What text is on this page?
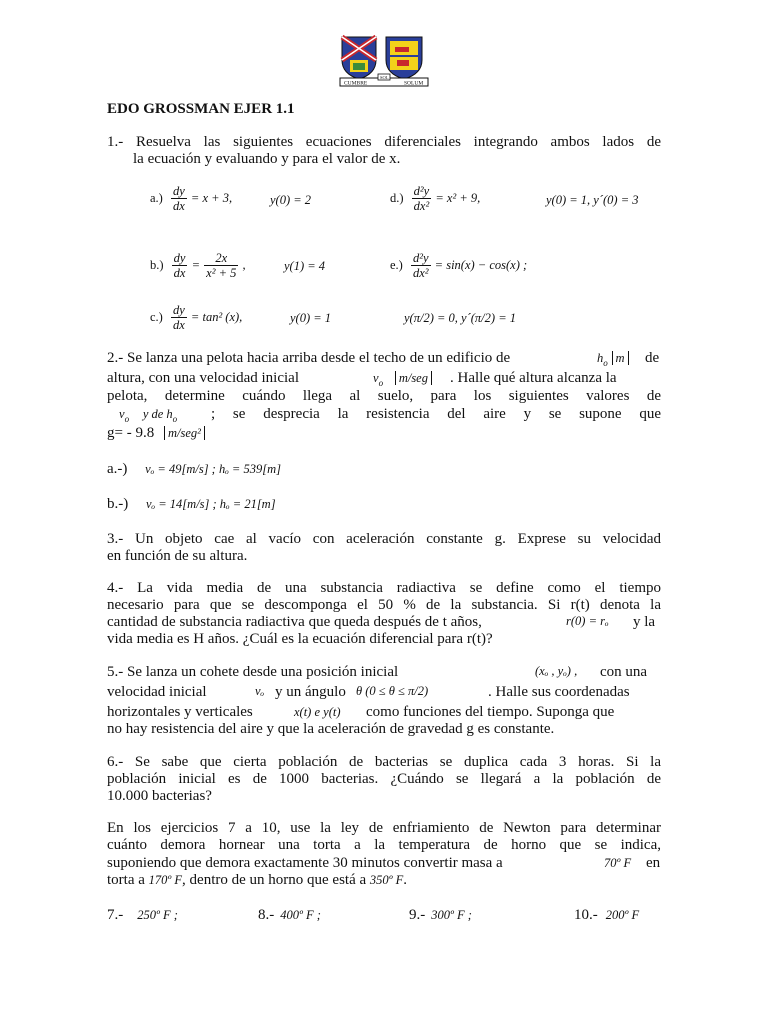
CUMBRE
SOL
SOLUM
EDO GROSSMAN EJER 1.1
1.- Resuelva las siguientes ecuaciones diferenciales integrando ambos lados de
la ecuación y evaluando y para el valor de x.
$a.) \frac{dy}{dx} = x + 3$,	y(0) = 2	$d.) \frac{\text{d²y}}{\text{dx²}} = x^2 + 9$,	y(0) = 1, y´(0) = 3
$b.) \frac{dy}{dx} = \frac{2x}{\text{x² + 5}}$ ,	y(1) = 4	$e.) \frac{\text{d²y}}{\text{dx²}} = \sin(x) - \cos(x)$ ;
$c.) \frac{dy}{dx} = \tan^2$ (x),	y(0) = 1	y(π/2) = 0, y´(π/2) = 1
2.- Se lanza una pelota hacia arriba desde el techo de un edificio de	$h_o$ m de
altura, con una velocidad inicial	$v_o$ m/seg . Halle qué altura alcanza la
pelota, determine cuándo llega al suelo, para los siguientes valores de
$v_o$ y de $h_o$ ; se desprecia la resistencia del aire y se supone que
g= - 9.8 m/seg²
a.-) vₒ = 49[m/s] ; hₒ = 539[m]
b.-) vₒ = 14[m/s] ; hₒ = 21[m]
3.- Un objeto cae al vacío con aceleración constante g. Exprese su velocidad
en función de su altura.
4.- La vida media de una substancia radiactiva se define como el tiempo
necesario para que se descomponga el 50 % de la substancia. Si r(t) denota la
cantidad de substancia radiactiva que queda después de t años,	r(0) = rₒ y la
vida media es H años. ¿Cuál es la ecuación diferencial para r(t)?
5.- Se lanza un cohete desde una posición inicial	(xₒ , yₒ) , con una
velocidad inicial	vₒ y un ángulo θ (0 ≤ θ ≤ π/2)	. Halle sus coordenadas
horizontales y verticales	x(t) e y(t) como funciones del tiempo. Suponga que
no hay resistencia del aire y que la aceleración de gravedad g es constante.
6.- Se sabe que cierta población de bacterias se duplica cada 3 horas. Si la
población inicial es de 1000 bacterias. ¿Cuándo se llegará a la población de
10.000 bacterias?
En los ejercicios 7 a 10, use la ley de enfriamiento de Newton para determinar
cuánto demora hornear una torta a la temperatura de horno que se indica,
suponiendo que demora exactamente 30 minutos convertir masa a	70º F en
torta a 170º F, dentro de un horno que está a 350º F.
7.- 250º F ;	8.- 400º F ;	9.- 300º F ;	10.- 200º F
